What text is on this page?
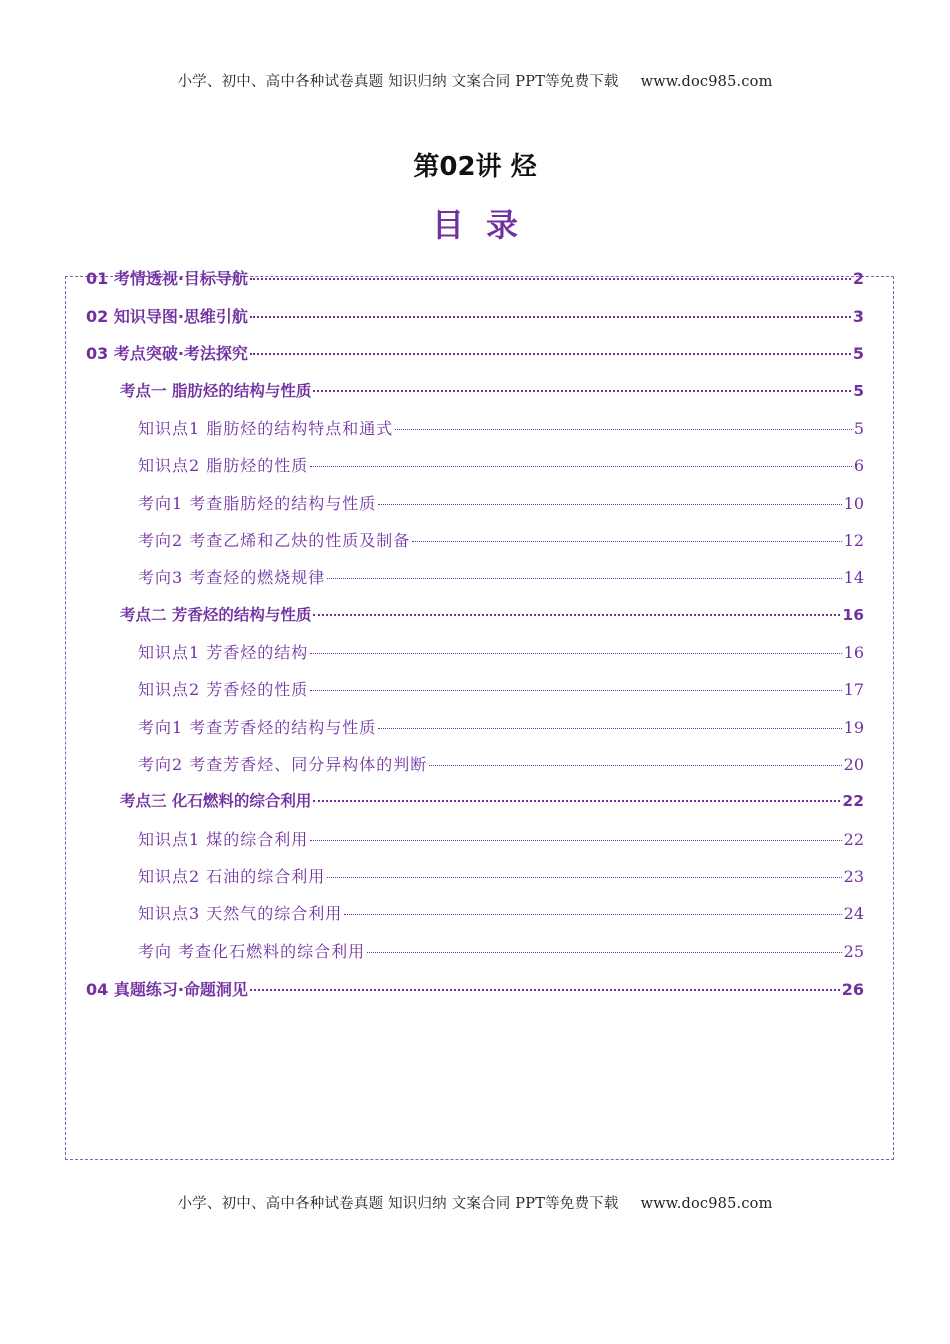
小学、初中、高中各种试卷真题 知识归纳 文案合同 PPT等免费下载 www.doc985.com
第02讲 烃
目录
01 考情透视·目标导航	2
02 知识导图·思维引航	3
03 考点突破·考法探究	5
考点一 脂肪烃的结构与性质	5
知识点1 脂肪烃的结构特点和通式	5
知识点2 脂肪烃的性质	6
考向1 考查脂肪烃的结构与性质	10
考向2 考查乙烯和乙炔的性质及制备	12
考向3 考查烃的燃烧规律	14
考点二 芳香烃的结构与性质	16
知识点1 芳香烃的结构	16
知识点2 芳香烃的性质	17
考向1 考查芳香烃的结构与性质	19
考向2 考查芳香烃、同分异构体的判断	20
考点三 化石燃料的综合利用	22
知识点1 煤的综合利用	22
知识点2 石油的综合利用	23
知识点3 天然气的综合利用	24
考向 考查化石燃料的综合利用	25
04 真题练习·命题洞见	26
小学、初中、高中各种试卷真题 知识归纳 文案合同 PPT等免费下载 www.doc985.com
